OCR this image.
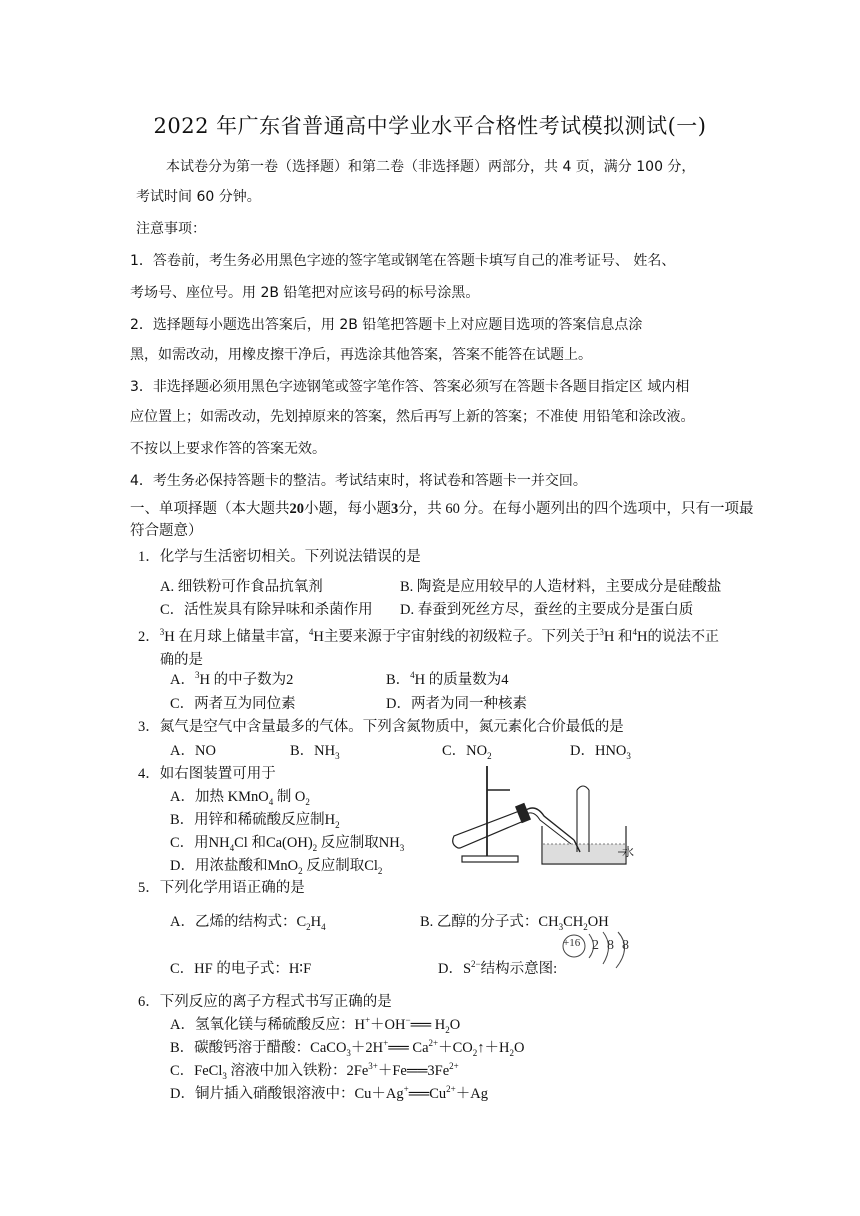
2022 年广东省普通高中学业水平合格性考试模拟测试(一)
本试卷分为第一卷（选择题）和第二卷（非选择题）两部分，共 4 页，满分 100 分，
考试时间 60 分钟。
注意事项：
1．答卷前，考生务必用黑色字迹的签字笔或钢笔在答题卡填写自己的准考证号、 姓名、
考场号、座位号。用 2B 铅笔把对应该号码的标号涂黑。
2．选择题每小题选出答案后，用 2B 铅笔把答题卡上对应题目选项的答案信息点涂
黑，如需改动，用橡皮擦干净后，再选涂其他答案，答案不能答在试题上。
3．非选择题必须用黑色字迹钢笔或签字笔作答、答案必须写在答题卡各题目指定区 域内相
应位置上；如需改动，先划掉原来的答案，然后再写上新的答案；不准使 用铅笔和涂改液。
不按以上要求作答的答案无效。
4．考生务必保持答题卡的整洁。考试结束时，将试卷和答题卡一并交回。
一、单项择题（本大题共20小题，每小题3分，共 60 分。在每小题列出的四个选项中，只有一项最
符合题意）
1．化学与生活密切相关。下列说法错误的是
A. 细铁粉可作食品抗氧剂	B. 陶瓷是应用较早的人造材料，主要成分是硅酸盐
C．活性炭具有除异味和杀菌作用 D. 春蚕到死丝方尽，蚕丝的主要成分是蛋白质
2．$^3$H 在月球上储量丰富，$^4$H主要来源于宇宙射线的初级粒子。下列关于$^3$H 和$^4$H的说法不正
确的是
A．$^3$H 的中子数为2	B．$^4$H 的质量数为4
C．两者互为同位素	D．两者为同一种核素
3．氮气是空气中含量最多的气体。下列含氮物质中，氮元素化合价最低的是
A．NO	B．$NH_3$	C．$NO_2$	D．$HNO_3$
4．如右图装置可用于
A．加热 KMnO$_4$ 制 $O_2$
B．用锌和稀硫酸反应制$H_2$
C．用$NH_4Cl$ 和$Ca(OH)_2$ 反应制取$NH_3$
D．用浓盐酸和MnO$_2$ 反应制取$Cl_2$
水
5．下列化学用语正确的是
A．乙烯的结构式：$C_2H_4$	B. 乙醇的分子式：$CH_3CH_2OH$
C．HF 的电子式：H∶F	D．$S^{2-}$结构示意图:
+16 2 8 8
6．下列反应的离子方程式书写正确的是
A．氢氧化镁与稀硫酸反应：H+＋OH−══ $H_2O$
B．碳酸钙溶于醋酸：CaCO$_3$＋2H+══ $Ca^{2+}+CO_2↑+H_2O$
C．FeCl$_3$ 溶液中加入铁粉：$2Fe^{3+}+Fe══3Fe^{2+}$
D．铜片插入硝酸银溶液中：$Cu+Ag^+══Cu^{2+}+Ag$
